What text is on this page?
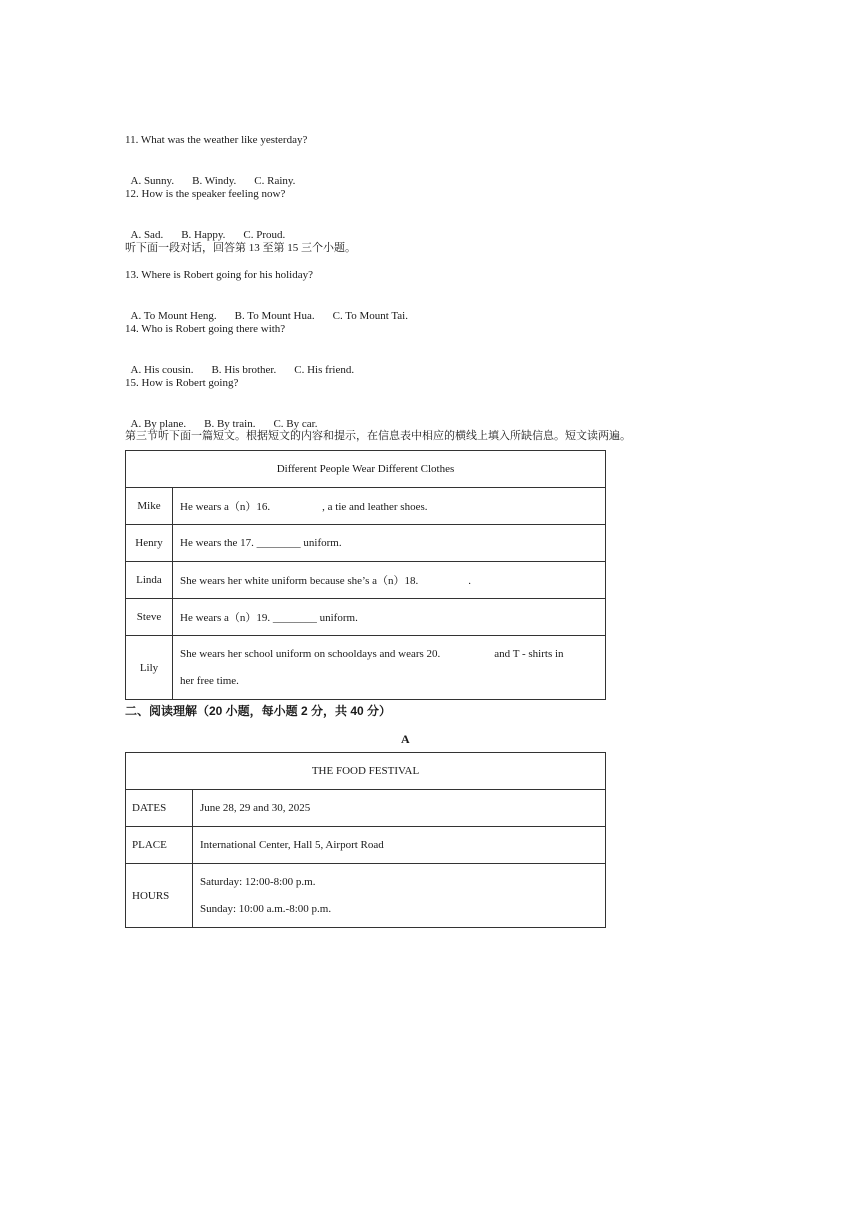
11. What was the weather like yesterday?

A. Sunny. B. Windy. C. Rainy.

12. How is the speaker feeling now?

A. Sad. B. Happy. C. Proud.

听下面一段对话，回答第 13 至第 15 三个小题。
13. Where is Robert going for his holiday?

A. To Mount Heng. B. To Mount Hua. C. To Mount Tai.

14. Who is Robert going there with?

A. His cousin. B. His brother. C. His friend.

15. How is Robert going?

A. By plane. B. By train. C. By car.

第三节听下面一篇短文。根据短文的内容和提示，在信息表中相应的横线上填入所缺信息。短文读两遍。
Different People Wear Different Clothes	
Mike	He wears a（n）16. , a tie and leather shoes.
Henry	He wears the 17. ________ uniform.
Linda	She wears her white uniform because she’s a（n）18. .
Steve	He wears a（n）19. ________ uniform.
Lily	She wears her school uniform on schooldays and wears 20. and T - shirts in
her free time.
二、阅读理解（20 小题，每小题 2 分，共 40 分）
A
THE FOOD FESTIVAL	
DATES	June 28, 29 and 30, 2025
PLACE	International Center, Hall 5, Airport Road
HOURS	Saturday: 12:00-8:00 p.m.
Sunday: 10:00 a.m.-8:00 p.m.
